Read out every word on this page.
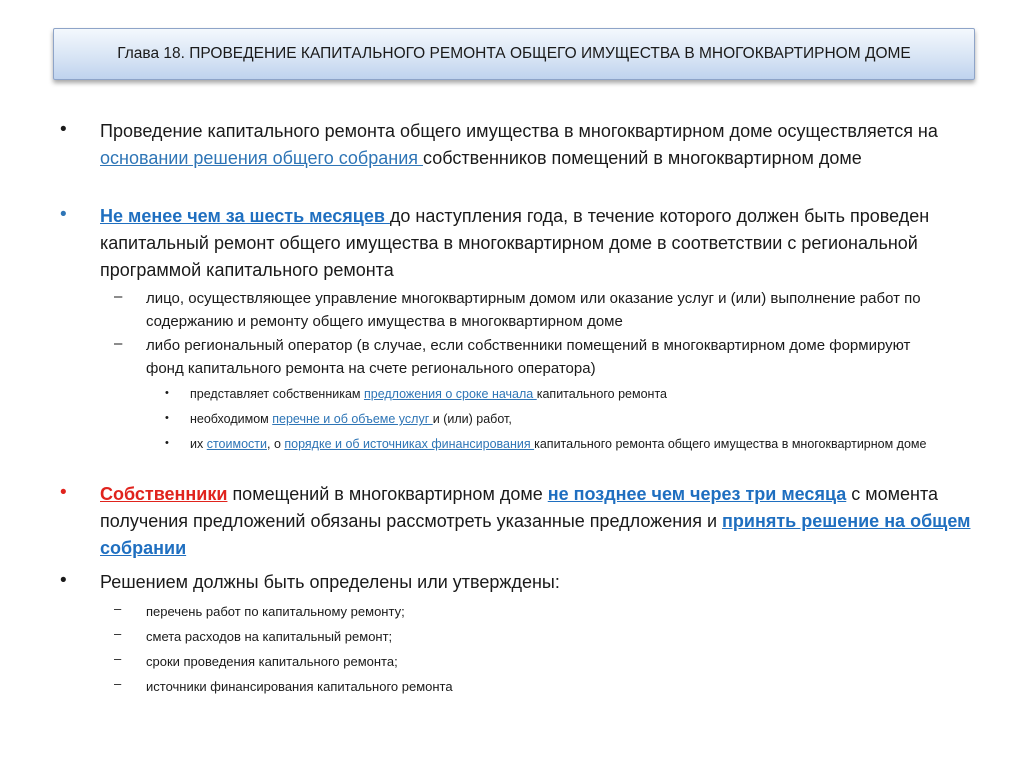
Глава 18. ПРОВЕДЕНИЕ КАПИТАЛЬНОГО РЕМОНТА ОБЩЕГО ИМУЩЕСТВА В МНОГОКВАРТИРНОМ ДОМЕ
• Проведение капитального ремонта общего имущества в многоквартирном доме осуществляется на основании решения общего собрания собственников помещений в многоквартирном доме
• Не менее чем за шесть месяцев до наступления года, в течение которого должен быть проведен капитальный ремонт общего имущества в многоквартирном доме в соответствии с региональной программой капитального ремонта
– лицо, осуществляющее управление многоквартирным домом или оказание услуг и (или) выполнение работ по содержанию и ремонту общего имущества в многоквартирном доме
– либо региональный оператор (в случае, если собственники помещений в многоквартирном доме формируют фонд капитального ремонта на счете регионального оператора)
• представляет собственникам предложения о сроке начала капитального ремонта
• необходимом перечне и об объеме услуг и (или) работ,
• их стоимости, о порядке и об источниках финансирования капитального ремонта общего имущества в многоквартирном доме
• Собственники помещений в многоквартирном доме не позднее чем через три месяца с момента получения предложений обязаны рассмотреть указанные предложения и принять решение на общем собрании
• Решением должны быть определены или утверждены:
– перечень работ по капитальному ремонту;
– смета расходов на капитальный ремонт;
– сроки проведения капитального ремонта;
– источники финансирования капитального ремонта
